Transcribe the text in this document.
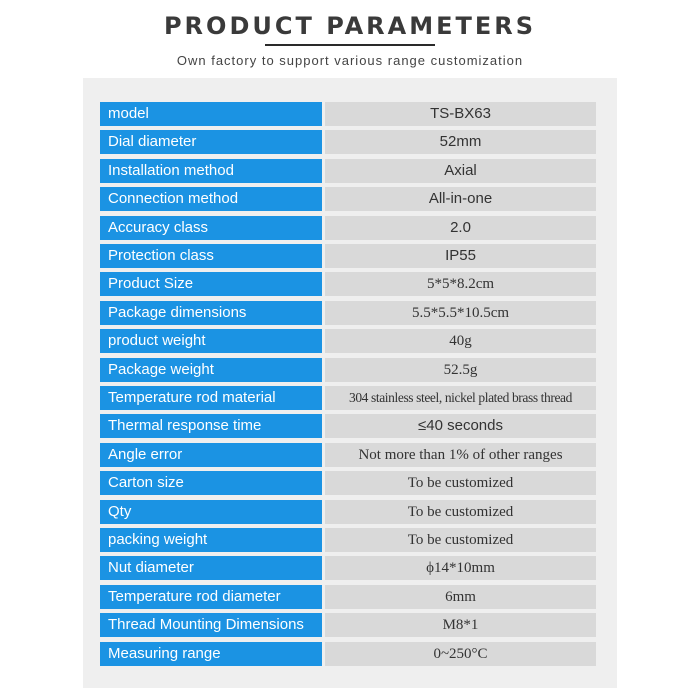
PRODUCT PARAMETERS
Own factory to support various range customization
model	TS-BX63
Dial diameter	52mm
Installation method	Axial
Connection method	All-in-one
Accuracy class	2.0
Protection class	IP55
Product Size	5*5*8.2cm
Package dimensions	5.5*5.5*10.5cm
product weight	40g
Package weight	52.5g
Temperature rod material	304 stainless steel, nickel plated brass thread
Thermal response time	≤40 seconds
Angle error	Not more than 1% of other ranges
Carton size	To be customized
Qty	To be customized
packing weight	To be customized
Nut diameter	ϕ14*10mm
Temperature rod diameter	6mm
Thread Mounting Dimensions	M8*1
Measuring range	0~250°C
